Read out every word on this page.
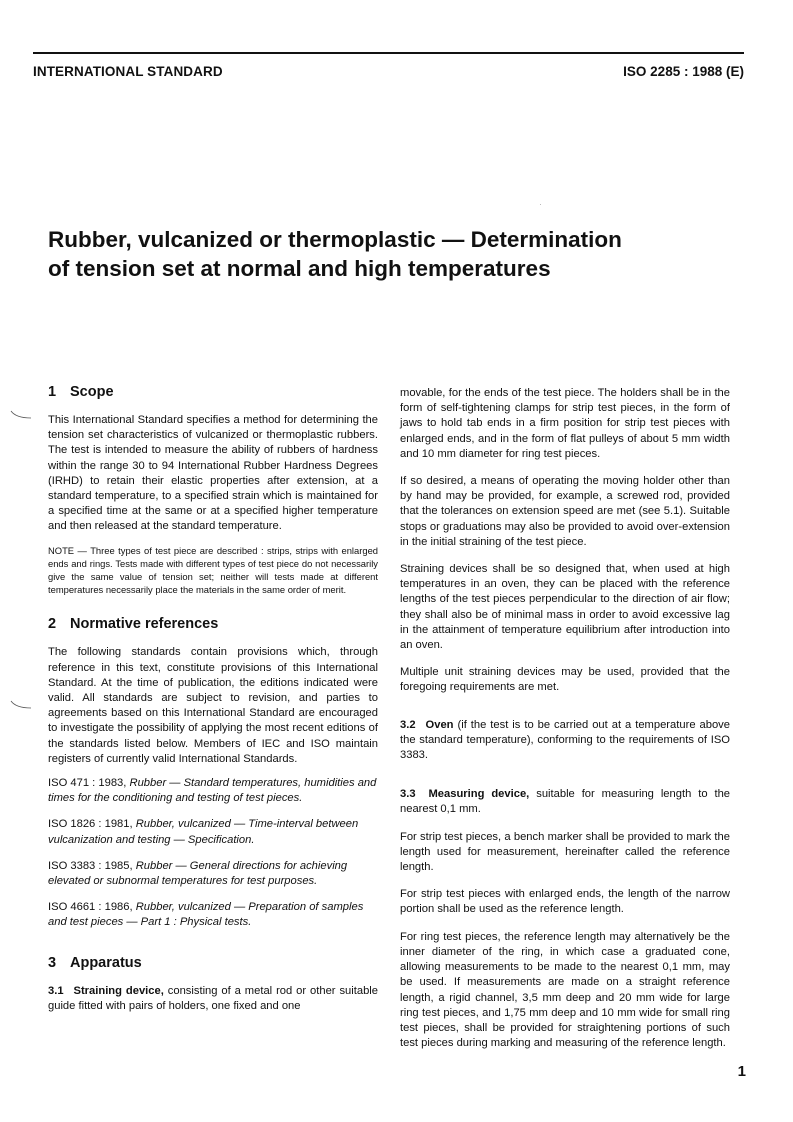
INTERNATIONAL STANDARD	ISO 2285 : 1988 (E)
Rubber, vulcanized or thermoplastic — Determination
of tension set at normal and high temperatures
1 Scope

This International Standard specifies a method for determining the tension set characteristics of vulcanized or thermoplastic rubbers. The test is intended to measure the ability of rubbers of hardness within the range 30 to 94 International Rubber Hardness Degrees (IRHD) to retain their elastic properties after extension, at a standard temperature, to a specified strain which is maintained for a specified time at the same or at a specified higher temperature and then released at the standard temperature.

NOTE — Three types of test piece are described : strips, strips with enlarged ends and rings. Tests made with different types of test piece do not necessarily give the same value of tension set; neither will tests made at different temperatures necessarily place the materials in the same order of merit.

2 Normative references

The following standards contain provisions which, through reference in this text, constitute provisions of this International Standard. At the time of publication, the editions indicated were valid. All standards are subject to revision, and parties to agreements based on this International Standard are encouraged to investigate the possibility of applying the most recent editions of the standards listed below. Members of IEC and ISO maintain registers of currently valid International Standards.

ISO 471 : 1983, Rubber — Standard temperatures, humidities and times for the conditioning and testing of test pieces.

ISO 1826 : 1981, Rubber, vulcanized — Time-interval between vulcanization and testing — Specification.

ISO 3383 : 1985, Rubber — General directions for achieving elevated or subnormal temperatures for test purposes.

ISO 4661 : 1986, Rubber, vulcanized — Preparation of samples and test pieces — Part 1 : Physical tests.

3 Apparatus

3.1 Straining device, consisting of a metal rod or other suitable guide fitted with pairs of holders, one fixed and one

movable, for the ends of the test piece. The holders shall be in the form of self-tightening clamps for strip test pieces, in the form of jaws to hold tab ends in a firm position for strip test pieces with enlarged ends, and in the form of flat pulleys of about 5 mm width and 10 mm diameter for ring test pieces.

If so desired, a means of operating the moving holder other than by hand may be provided, for example, a screwed rod, provided that the tolerances on extension speed are met (see 5.1). Suitable stops or graduations may also be provided to avoid over-extension in the initial straining of the test piece.

Straining devices shall be so designed that, when used at high temperatures in an oven, they can be placed with the reference lengths of the test pieces perpendicular to the direction of air flow; they shall also be of minimal mass in order to avoid excessive lag in the attainment of temperature equilibrium after introduction into an oven.

Multiple unit straining devices may be used, provided that the foregoing requirements are met.

3.2 Oven (if the test is to be carried out at a temperature above the standard temperature), conforming to the requirements of ISO 3383.

3.3 Measuring device, suitable for measuring length to the nearest 0,1 mm.

For strip test pieces, a bench marker shall be provided to mark the length used for measurement, hereinafter called the reference length.

For strip test pieces with enlarged ends, the length of the narrow portion shall be used as the reference length.

For ring test pieces, the reference length may alternatively be the inner diameter of the ring, in which case a graduated cone, allowing measurements to be made to the nearest 0,1 mm, may be used. If measurements are made on a straight reference length, a rigid channel, 3,5 mm deep and 20 mm wide for large ring test pieces, and 1,75 mm deep and 10 mm wide for small ring test pieces, shall be provided for straightening portions of such test pieces during marking and measuring of the reference length.

1
